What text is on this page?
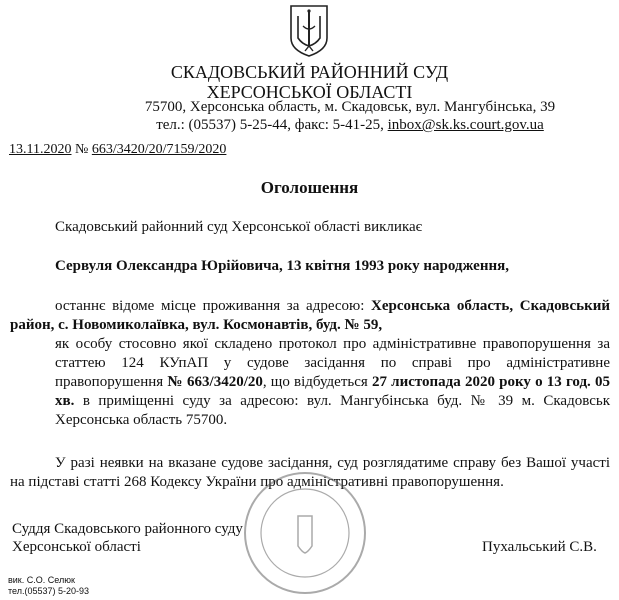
СКАДОВСЬКИЙ РАЙОННИЙ СУД
ХЕРСОНСЬКОЇ ОБЛАСТІ
75700, Херсонська область, м. Скадовськ, вул. Мангубінська, 39
тел.: (05537) 5-25-44, факс: 5-41-25, inbox@sk.ks.court.gov.ua
13.11.2020 № 663/3420/20/7159/2020
Оголошення
Скадовський районний суд Херсонської області викликає
Сервуля Олександра Юрійовича, 13 квітня 1993 року народження,
останнє відоме місце проживання за адресою: Херсонська область, Скадовський район, с. Новомиколаївка, вул. Космонавтів, буд. № 59,
як особу стосовно якої складено протокол про адміністративне правопорушення за статтею 124 КУпАП у судове засідання по справі про адміністративне правопорушення № 663/3420/20, що відбудеться 27 листопада 2020 року о 13 год. 05 хв. в приміщенні суду за адресою: вул. Мангубінська буд. № 39 м. Скадовськ Херсонська область 75700.
У разі неявки на вказане судове засідання, суд розглядатиме справу без Вашої участі на підставі статті 268 Кодексу України про адміністративні правопорушення.
Суддя Скадовського районного суду
Херсонської області	Пухальський С.В.
вик. С.О. Селюк
тел.(05537) 5-20-93
